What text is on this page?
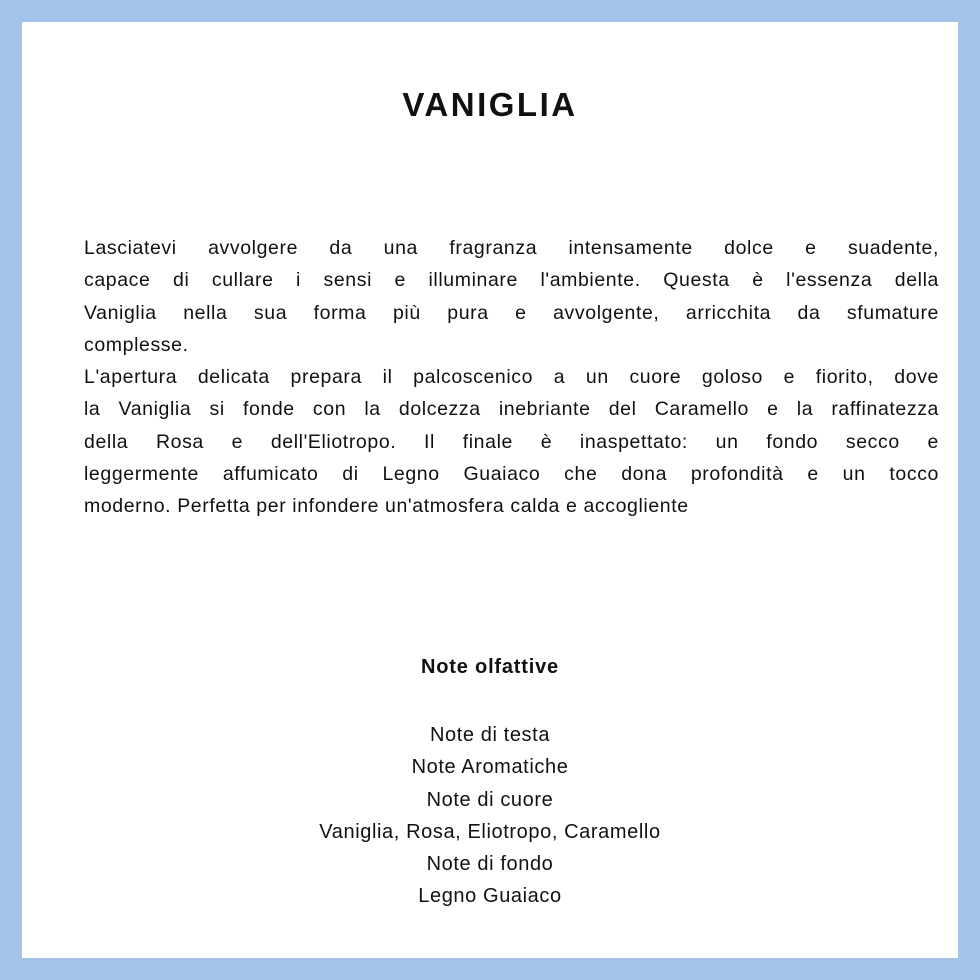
VANIGLIA
Lasciatevi avvolgere da una fragranza intensamente dolce e suadente,
capace di cullare i sensi e illuminare l'ambiente. Questa è l'essenza della
Vaniglia nella sua forma più pura e avvolgente, arricchita da sfumature
complesse.
L'apertura delicata prepara il palcoscenico a un cuore goloso e fiorito, dove
la Vaniglia si fonde con la dolcezza inebriante del Caramello e la raffinatezza
della Rosa e dell'Eliotropo. Il finale è inaspettato: un fondo secco e
leggermente affumicato di Legno Guaiaco che dona profondità e un tocco
moderno. Perfetta per infondere un'atmosfera calda e accogliente
Note olfattive
Note di testa
Note Aromatiche
Note di cuore
Vaniglia, Rosa, Eliotropo, Caramello
Note di fondo
Legno Guaiaco
